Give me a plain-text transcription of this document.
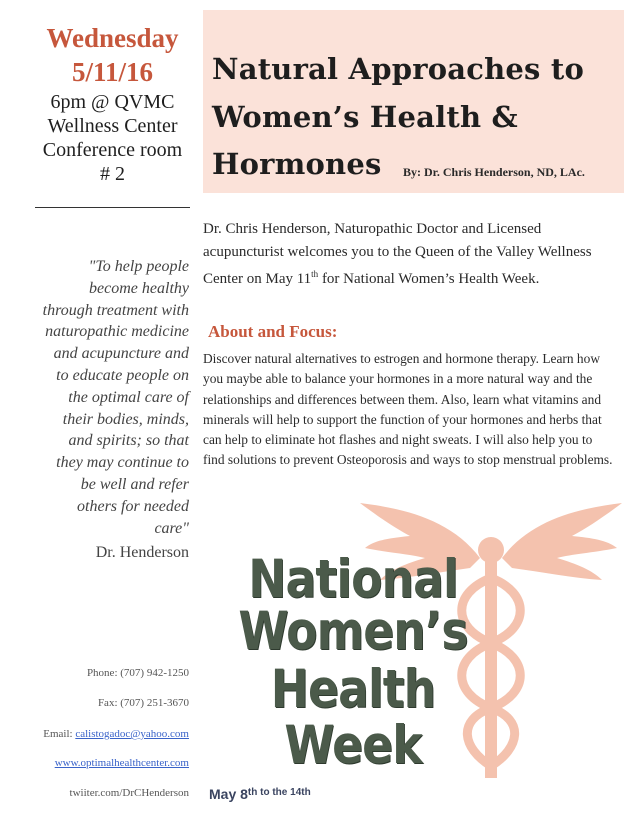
Wednesday
5/11/16
6pm @ QVMC
Wellness Center
Conference room
# 2
"To help people become healthy through treatment with naturopathic medicine and acupuncture and to educate people on the optimal care of their bodies, minds, and spirits; so that they may continue to be well and refer others for needed care"
Dr. Henderson
Phone: (707) 942-1250
Fax: (707) 251-3670
Email: calistogadoc@yahoo.com
www.optimalhealthcenter.com
twiiter.com/DrCHenderson
Natural Approaches to
Women’s Health &
Hormones By: Dr. Chris Henderson, ND, LAc.
Dr. Chris Henderson, Naturopathic Doctor and Licensed acupuncturist welcomes you to the Queen of the Valley Wellness Center on May 11th for National Women’s Health Week.
About and Focus:
Discover natural alternatives to estrogen and hormone therapy. Learn how you maybe able to balance your hormones in a more natural way and the relationships and differences between them. Also, learn what vitamins and minerals will help to support the function of your hormones and herbs that can help to eliminate hot flashes and night sweats. I will also help you to find solutions to prevent Osteoporosis and ways to stop menstrual problems.
National
Women’s
Health
Week
May $8^{th to the 14th}$
